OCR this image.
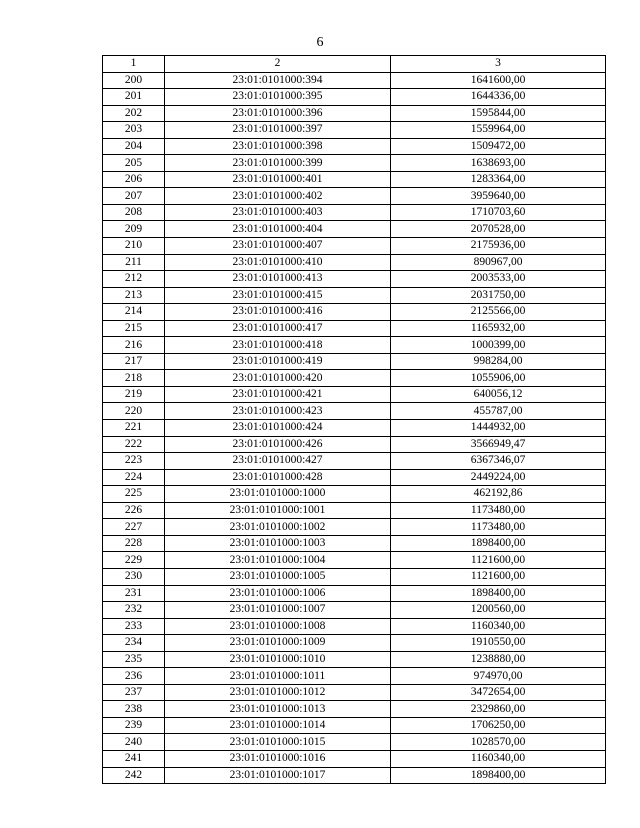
6
1	2	3
200	23:01:0101000:394	1641600,00
201	23:01:0101000:395	1644336,00
202	23:01:0101000:396	1595844,00
203	23:01:0101000:397	1559964,00
204	23:01:0101000:398	1509472,00
205	23:01:0101000:399	1638693,00
206	23:01:0101000:401	1283364,00
207	23:01:0101000:402	3959640,00
208	23:01:0101000:403	1710703,60
209	23:01:0101000:404	2070528,00
210	23:01:0101000:407	2175936,00
211	23:01:0101000:410	890967,00
212	23:01:0101000:413	2003533,00
213	23:01:0101000:415	2031750,00
214	23:01:0101000:416	2125566,00
215	23:01:0101000:417	1165932,00
216	23:01:0101000:418	1000399,00
217	23:01:0101000:419	998284,00
218	23:01:0101000:420	1055906,00
219	23:01:0101000:421	640056,12
220	23:01:0101000:423	455787,00
221	23:01:0101000:424	1444932,00
222	23:01:0101000:426	3566949,47
223	23:01:0101000:427	6367346,07
224	23:01:0101000:428	2449224,00
225	23:01:0101000:1000	462192,86
226	23:01:0101000:1001	1173480,00
227	23:01:0101000:1002	1173480,00
228	23:01:0101000:1003	1898400,00
229	23:01:0101000:1004	1121600,00
230	23:01:0101000:1005	1121600,00
231	23:01:0101000:1006	1898400,00
232	23:01:0101000:1007	1200560,00
233	23:01:0101000:1008	1160340,00
234	23:01:0101000:1009	1910550,00
235	23:01:0101000:1010	1238880,00
236	23:01:0101000:1011	974970,00
237	23:01:0101000:1012	3472654,00
238	23:01:0101000:1013	2329860,00
239	23:01:0101000:1014	1706250,00
240	23:01:0101000:1015	1028570,00
241	23:01:0101000:1016	1160340,00
242	23:01:0101000:1017	1898400,00
